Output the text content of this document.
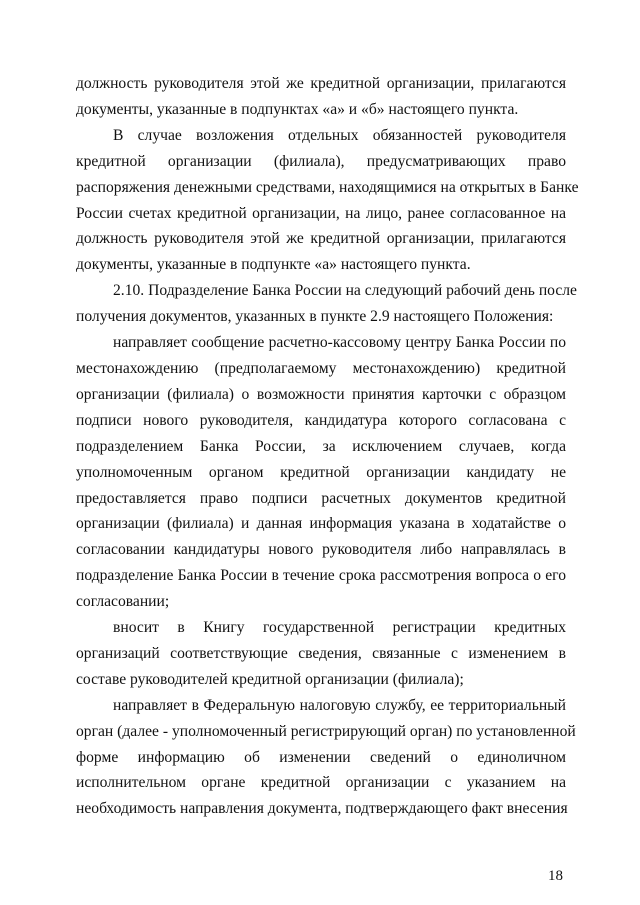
должность руководителя этой же кредитной организации, прилагаются
документы, указанные в подпунктах «а» и «б» настоящего пункта.

В случае возложения отдельных обязанностей руководителя
кредитной организации (филиала), предусматривающих право
распоряжения денежными средствами, находящимися на открытых в Банке
России счетах кредитной организации, на лицо, ранее согласованное на
должность руководителя этой же кредитной организации, прилагаются
документы, указанные в подпункте «а» настоящего пункта.

2.10. Подразделение Банка России на следующий рабочий день после
получения документов, указанных в пункте 2.9 настоящего Положения:

направляет сообщение расчетно-кассовому центру Банка России по
местонахождению (предполагаемому местонахождению) кредитной
организации (филиала) о возможности принятия карточки с образцом
подписи нового руководителя, кандидатура которого согласована с
подразделением Банка России, за исключением случаев, когда
уполномоченным органом кредитной организации кандидату не
предоставляется право подписи расчетных документов кредитной
организации (филиала) и данная информация указана в ходатайстве о
согласовании кандидатуры нового руководителя либо направлялась в
подразделение Банка России в течение срока рассмотрения вопроса о его
согласовании;

вносит в Книгу государственной регистрации кредитных
организаций соответствующие сведения, связанные с изменением в
составе руководителей кредитной организации (филиала);

направляет в Федеральную налоговую службу, ее территориальный
орган (далее - уполномоченный регистрирующий орган) по установленной
форме информацию об изменении сведений о единоличном
исполнительном органе кредитной организации с указанием на
необходимость направления документа, подтверждающего факт внесения

18
